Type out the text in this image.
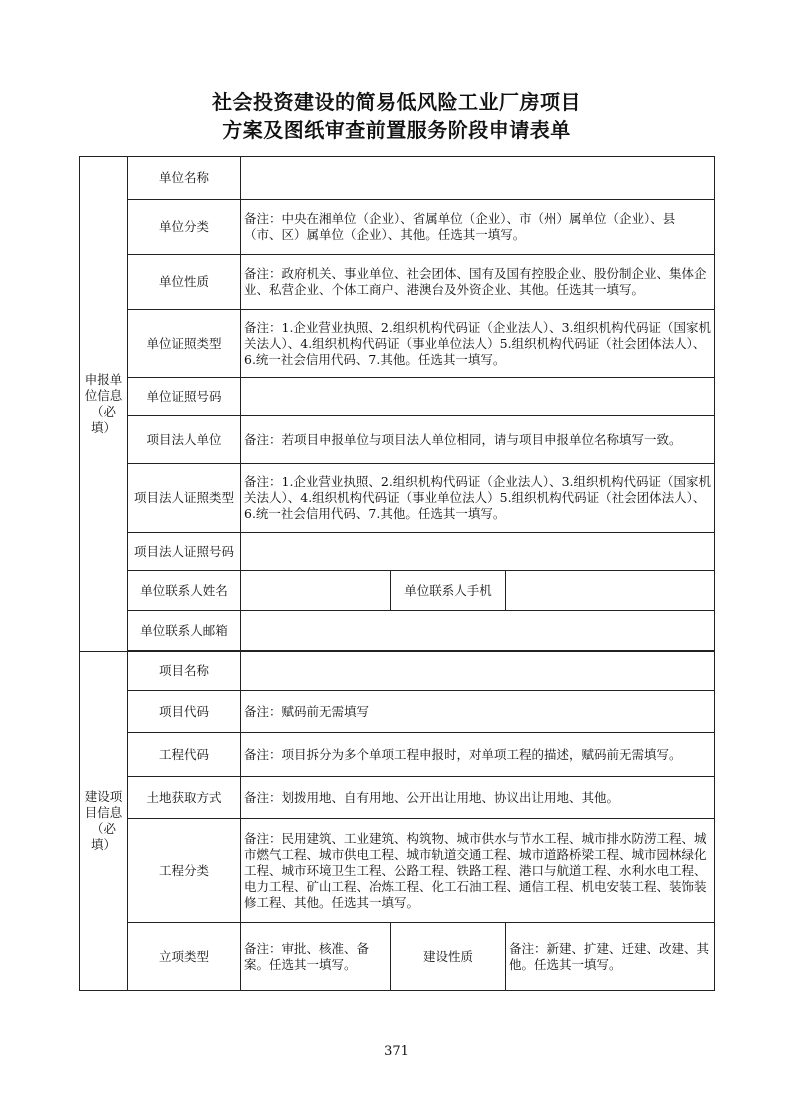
社会投资建设的简易低风险工业厂房项目
方案及图纸审查前置服务阶段申请表单
申报单位信息（必填）	单位名称			
	单位分类	备注：中央在湘单位（企业）、省属单位（企业）、市（州）属单位（企业）、县（市、区）属单位（企业）、其他。任选其一填写。		
	单位性质	备注：政府机关、事业单位、社会团体、国有及国有控股企业、股份制企业、集体企业、私营企业、个体工商户、港澳台及外资企业、其他。任选其一填写。		
	单位证照类型	备注：1.企业营业执照、2.组织机构代码证（企业法人）、3.组织机构代码证（国家机关法人）、4.组织机构代码证（事业单位法人）5.组织机构代码证（社会团体法人）、6.统一社会信用代码、7.其他。任选其一填写。		
	单位证照号码			
	项目法人单位	备注：若项目申报单位与项目法人单位相同，请与项目申报单位名称填写一致。		
	项目法人证照类型	备注：1.企业营业执照、2.组织机构代码证（企业法人）、3.组织机构代码证（国家机关法人）、4.组织机构代码证（事业单位法人）5.组织机构代码证（社会团体法人）、6.统一社会信用代码、7.其他。任选其一填写。		
	项目法人证照号码			
	单位联系人姓名		单位联系人手机	
	单位联系人邮箱			

建设项目信息（必填）	项目名称			
	项目代码	备注：赋码前无需填写		
	工程代码	备注：项目拆分为多个单项工程申报时，对单项工程的描述，赋码前无需填写。		
	土地获取方式	备注：划拨用地、自有用地、公开出让用地、协议出让用地、其他。		
	工程分类	备注：民用建筑、工业建筑、构筑物、城市供水与节水工程、城市排水防涝工程、城市燃气工程、城市供电工程、城市轨道交通工程、城市道路桥梁工程、城市园林绿化工程、城市环境卫生工程、公路工程、铁路工程、港口与航道工程、水利水电工程、电力工程、矿山工程、冶炼工程、化工石油工程、通信工程、机电安装工程、装饰装修工程、其他。任选其一填写。		
	立项类型	备注：审批、核准、备案。任选其一填写。	建设性质	备注：新建、扩建、迁建、改建、其他。任选其一填写。
371
